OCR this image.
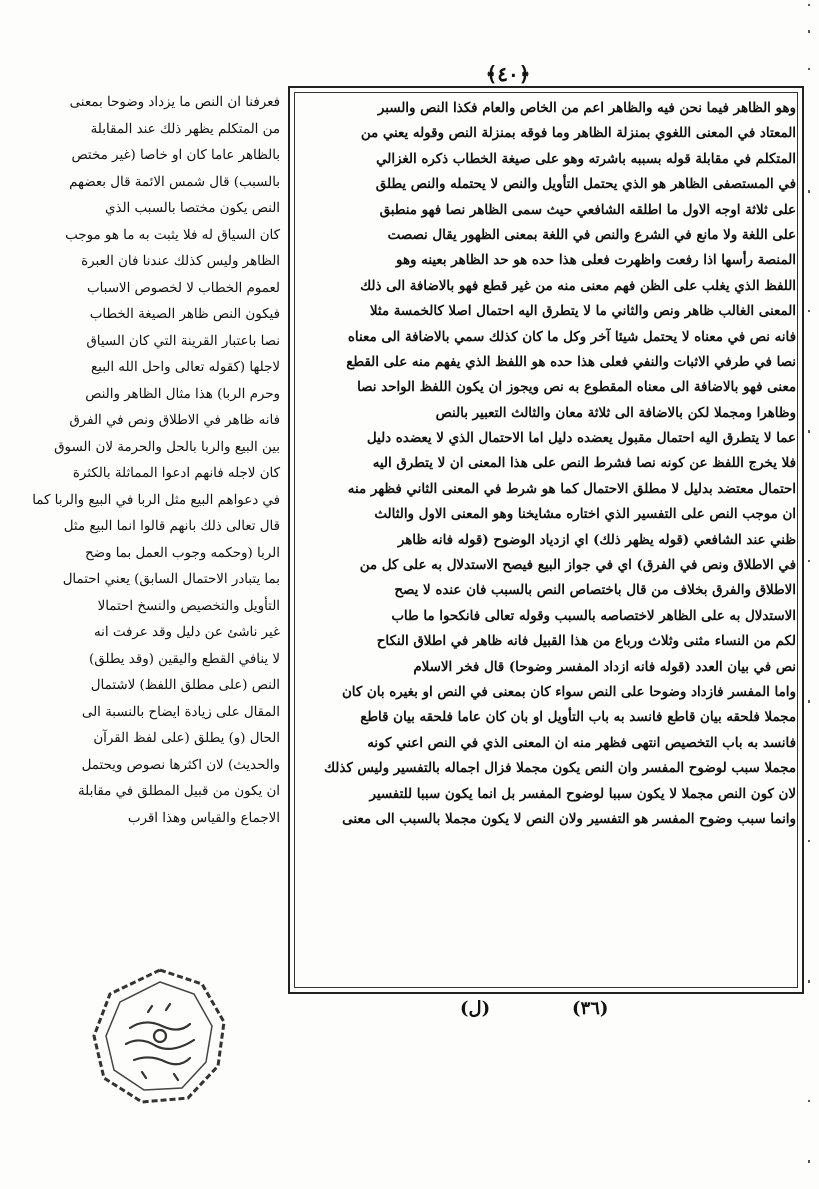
﴿٤٠﴾
وهو الظاهر فيما نحن فيه والظاهر اعم من الخاص والعام فكذا النص والسبر
المعتاد في المعنى اللغوي بمنزلة الظاهر وما فوقه بمنزلة النص وقوله يعني من
المتكلم في مقابلة قوله بسببه باشرته وهو على صيغة الخطاب ذكره الغزالي
في المستصفى الظاهر هو الذي يحتمل التأويل والنص لا يحتمله والنص يطلق
على ثلاثة اوجه الاول ما اطلقه الشافعي حيث سمى الظاهر نصا فهو منطبق
على اللغة ولا مانع في الشرع والنص في اللغة بمعنى الظهور يقال نصصت
المنصة رأسها اذا رفعت واظهرت فعلى هذا حده هو حد الظاهر بعينه وهو
اللفظ الذي يغلب على الظن فهم معنى منه من غير قطع فهو بالاضافة الى ذلك
المعنى الغالب ظاهر ونص والثاني ما لا يتطرق اليه احتمال اصلا كالخمسة مثلا
فانه نص في معناه لا يحتمل شيئا آخر وكل ما كان كذلك سمي بالاضافة الى معناه
نصا في طرفي الاثبات والنفي فعلى هذا حده هو اللفظ الذي يفهم منه على القطع
معنى فهو بالاضافة الى معناه المقطوع به نص ويجوز ان يكون اللفظ الواحد نصا
وظاهرا ومجملا لكن بالاضافة الى ثلاثة معان والثالث التعبير بالنص
عما لا يتطرق اليه احتمال مقبول يعضده دليل اما الاحتمال الذي لا يعضده دليل
فلا يخرج اللفظ عن كونه نصا فشرط النص على هذا المعنى ان لا يتطرق اليه
احتمال معتضد بدليل لا مطلق الاحتمال كما هو شرط في المعنى الثاني فظهر منه
ان موجب النص على التفسير الذي اختاره مشايخنا وهو المعنى الاول والثالث
ظني عند الشافعي (قوله يظهر ذلك) اي ازدياد الوضوح (قوله فانه ظاهر
في الاطلاق ونص في الفرق) اي في جواز البيع فيصح الاستدلال به على كل من
الاطلاق والفرق بخلاف من قال باختصاص النص بالسبب فان عنده لا يصح
الاستدلال به على الظاهر لاختصاصه بالسبب وقوله تعالى فانكحوا ما طاب
لكم من النساء مثنى وثلاث ورباع من هذا القبيل فانه ظاهر في اطلاق النكاح
نص في بيان العدد (قوله فانه ازداد المفسر وضوحا) قال فخر الاسلام
واما المفسر فازداد وضوحا على النص سواء كان بمعنى في النص او بغيره بان كان
مجملا فلحقه بيان قاطع فانسد به باب التأويل او بان كان عاما فلحقه بيان قاطع
فانسد به باب التخصيص انتهى فظهر منه ان المعنى الذي في النص اعني كونه
مجملا سبب لوضوح المفسر وان النص يكون مجملا فزال اجماله بالتفسير وليس كذلك
لان كون النص مجملا لا يكون سببا لوضوح المفسر بل انما يكون سببا للتفسير
وانما سبب وضوح المفسر هو التفسير ولان النص لا يكون مجملا بالسبب الى معنى
فعرفنا ان النص ما يزداد وضوحا بمعنى
من المتكلم يظهر ذلك عند المقابلة
بالظاهر عاما كان او خاصا (غير مختص
بالسبب) قال شمس الائمة قال بعضهم
النص يكون مختصا بالسبب الذي
كان السياق له فلا يثبت به ما هو موجب
الظاهر وليس كذلك عندنا فان العبرة
لعموم الخطاب لا لخصوص الاسباب
فيكون النص ظاهر الصيغة الخطاب
نصا باعتبار القرينة التي كان السياق
لاجلها (كقوله تعالى واحل الله البيع
وحرم الربا) هذا مثال الظاهر والنص
فانه ظاهر في الاطلاق ونص في الفرق
بين البيع والربا بالحل والحرمة لان السوق
كان لاجله فانهم ادعوا المماثلة بالكثرة
في دعواهم البيع مثل الربا في البيع والربا كما
قال تعالى ذلك بانهم قالوا انما البيع مثل
الربا (وحكمه وجوب العمل بما وضح
بما يتبادر الاحتمال السابق) يعني احتمال
التأويل والتخصيص والنسخ احتمالا
غير ناشئ عن دليل وقد عرفت انه
لا ينافي القطع واليقين (وقد يطلق)
النص (على مطلق اللفظ) لاشتمال
المقال على زيادة ايضاح بالنسبة الى
الحال (و) يطلق (على لفظ القرآن
والحديث) لان اكثرها نصوص ويحتمل
ان يكون من قبيل المطلق في مقابلة
الاجماع والقياس وهذا اقرب
(ل)	(٣٦)
